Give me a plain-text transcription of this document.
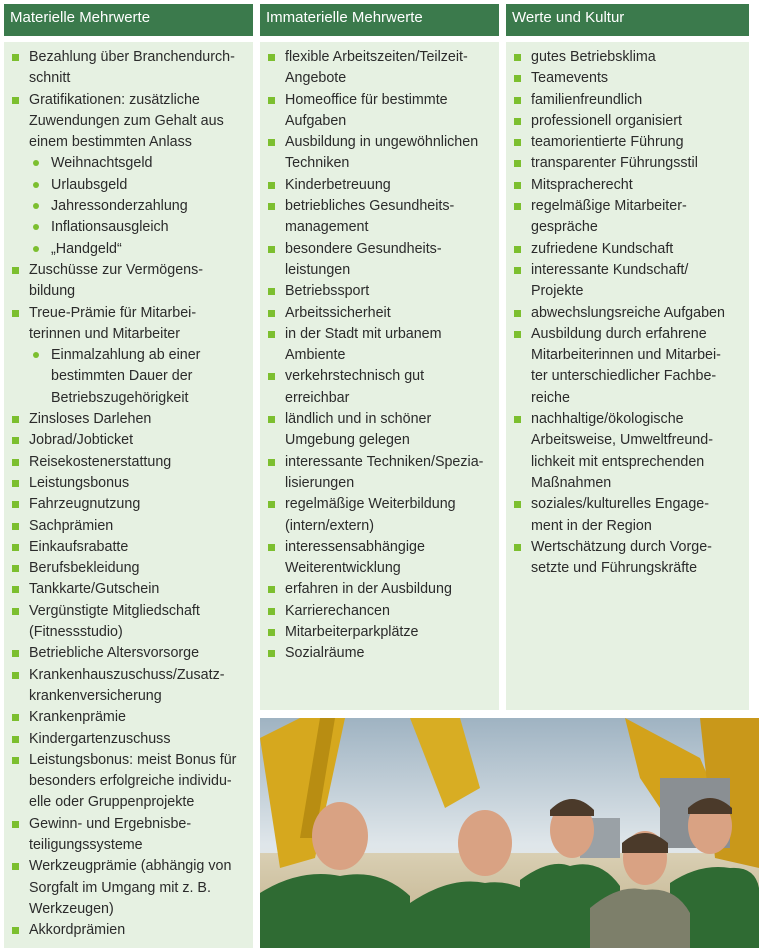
Materielle Mehrwerte
Bezahlung über Branchendurch-
schnitt
Gratifikationen: zusätzliche Zuwendungen zum Gehalt aus einem bestimmten Anlass
Weihnachtsgeld
Urlaubsgeld
Jahressonderzahlung
Inflationsausgleich
„Handgeld“
Zuschüsse zur Vermögens-
bildung
Treue-Prämie für Mitarbei-
terinnen und Mitarbeiter
Einmalzahlung ab einer bestimmten Dauer der Betriebszugehörigkeit
Zinsloses Darlehen
Jobrad/Jobticket
Reisekostenerstattung
Leistungsbonus
Fahrzeugnutzung
Sachprämien
Einkaufsrabatte
Berufsbekleidung
Tankkarte/Gutschein
Vergünstigte Mitgliedschaft (Fitnessstudio)
Betriebliche Altersvorsorge
Krankenhauszuschuss/Zusatz-
krankenversicherung
Krankenprämie
Kindergartenzuschuss
Leistungsbonus: meist Bonus für besonders erfolgreiche individu-
elle oder Gruppenprojekte
Gewinn- und Ergebnisbe-
teiligungssysteme
Werkzeugprämie (abhängig von Sorgfalt im Umgang mit z. B. Werkzeugen)
Akkordprämien
Immaterielle Mehrwerte
flexible Arbeitszeiten/Teilzeit-
Angebote
Homeoffice für bestimmte Aufgaben
Ausbildung in ungewöhnlichen Techniken
Kinderbetreuung
betriebliches Gesundheits-
management
besondere Gesundheits-
leistungen
Betriebssport
Arbeitssicherheit
in der Stadt mit urbanem Ambiente
verkehrstechnisch gut erreichbar
ländlich und in schöner Umgebung gelegen
interessante Techniken/Spezia-
lisierungen
regelmäßige Weiterbildung (intern/extern)
interessensabhängige Weiterentwicklung
erfahren in der Ausbildung
Karrierechancen
Mitarbeiterparkplätze
Sozialräume
Werte und Kultur
gutes Betriebsklima
Teamevents
familienfreundlich
professionell organisiert
teamorientierte Führung
transparenter Führungsstil
Mitspracherecht
regelmäßige Mitarbeiter-
gespräche
zufriedene Kundschaft
interessante Kundschaft/
Projekte
abwechslungsreiche Aufgaben
Ausbildung durch erfahrene Mitarbeiterinnen und Mitarbei-
ter unterschiedlicher Fachbe-
reiche
nachhaltige/ökologische Arbeitsweise, Umweltfreund-
lichkeit mit entsprechenden Maßnahmen
soziales/kulturelles Engage-
ment in der Region
Wertschätzung durch Vorge-
setzte und Führungskräfte
